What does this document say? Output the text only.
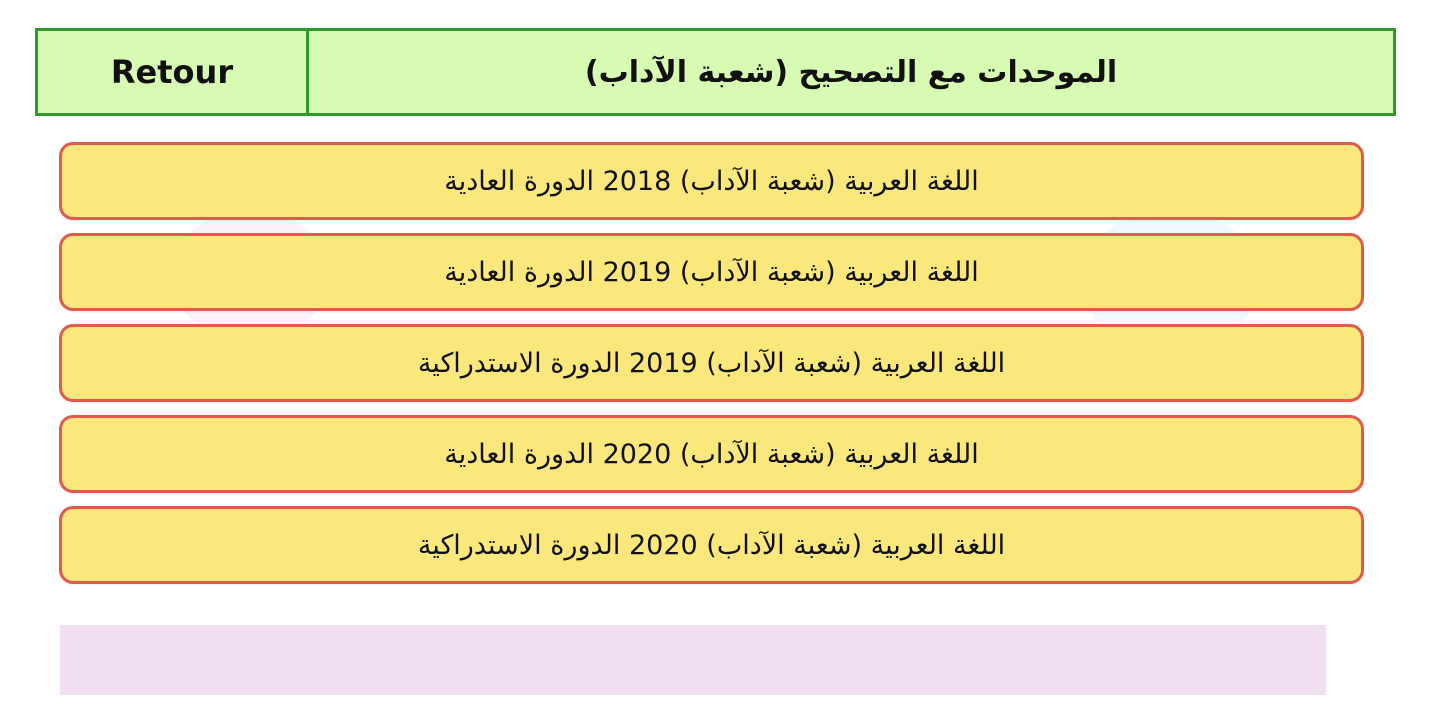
Retour	الموحدات مع التصحيح (شعبة الآداب)
اللغة العربية (شعبة الآداب) 2018 الدورة العادية
اللغة العربية (شعبة الآداب) 2019 الدورة العادية
اللغة العربية (شعبة الآداب) 2019 الدورة الاستدراكية
اللغة العربية (شعبة الآداب) 2020 الدورة العادية
اللغة العربية (شعبة الآداب) 2020 الدورة الاستدراكية
